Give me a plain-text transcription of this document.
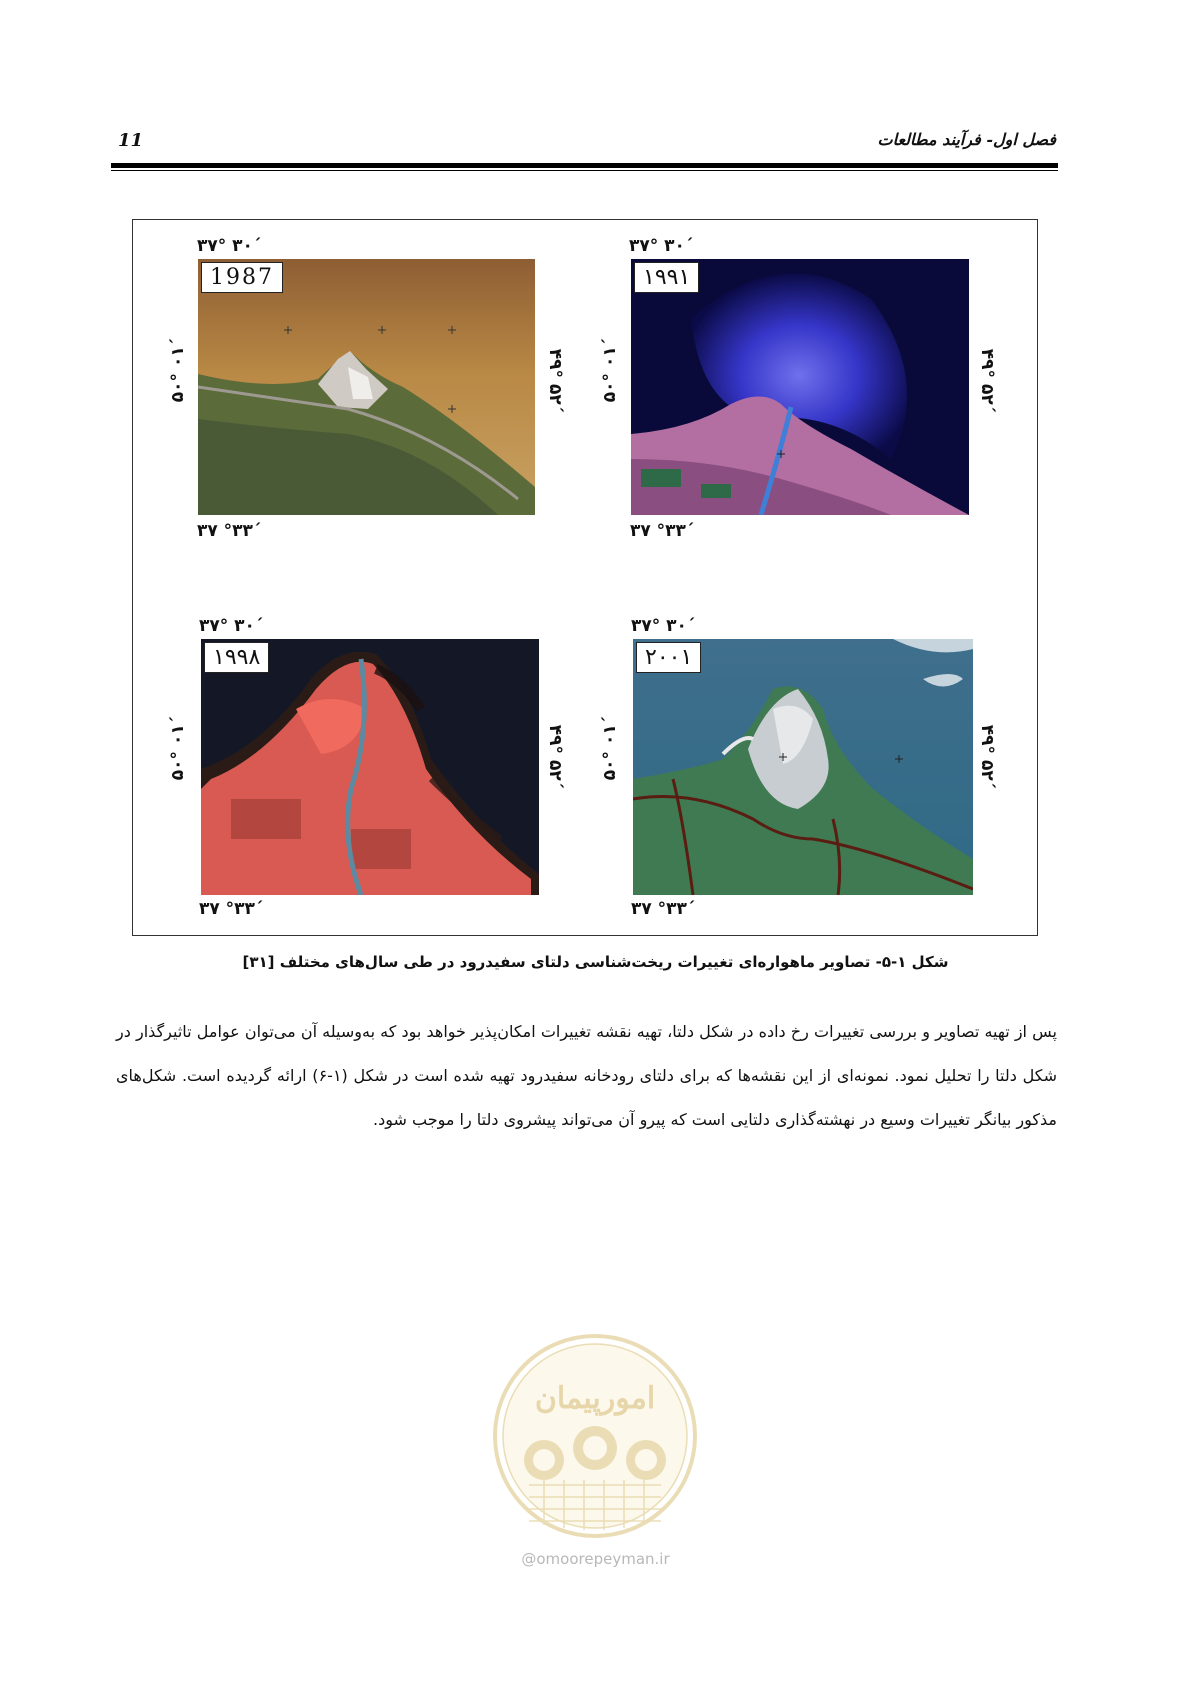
فصل اول- فرآیند مطالعات
11
۳۷° ۳۰΄
۵۰° ۰۱΄	۴۹° ۵۲΄
۳۷ °۳۳΄
1987
۳۷° ۳۰΄
۵۰° ۰۱΄	۴۹° ۵۲΄
۳۷ °۳۳΄
۱۹۹۱
۳۷° ۳۰΄
۵۰° ۰۱΄	۴۹° ۵۲΄
۳۷ °۳۳΄
۱۹۹۸
۳۷° ۳۰΄
۵۰° ۰۱΄	۴۹° ۵۲΄
۳۷ °۳۳΄
۲۰۰۱
شکل ۱-۵- تصاویر ماهواره‌ای تغییرات ریخت‌شناسی دلتای سفیدرود در طی سال‌های مختلف [۳۱]

پس از تهیه تصاویر و بررسی تغییرات رخ داده در شکل دلتا، تهیه نقشه تغییرات امکان‌پذیر خواهد بود که به‌وسیله آن می‌توان عوامل تاثیرگذار در شکل دلتا را تحلیل نمود. نمونه‌ای از این نقشه‌ها که برای دلتای رودخانه سفیدرود تهیه شده است در شکل (۱-۶) ارائه گردیده است. شکل‌های مذکور بیانگر تغییرات وسیع در نهشته‌گذاری دلتایی است که پیرو آن می‌تواند پیشروی دلتا را موجب شود.

امورپیمان
@omoorepeyman.ir
